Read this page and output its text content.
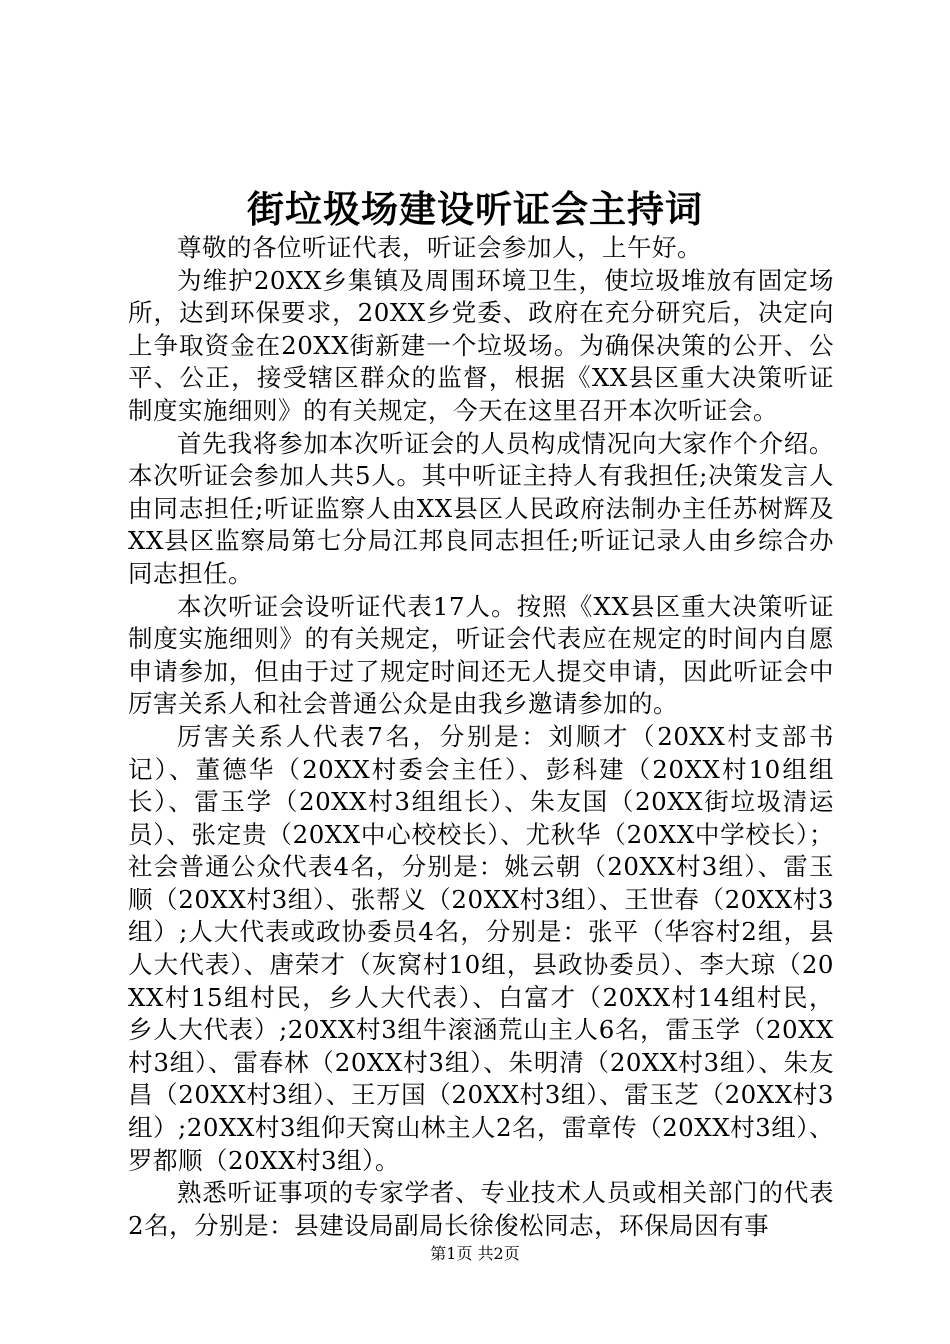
街垃圾场建设听证会主持词

尊敬的各位听证代表，听证会参加人，上午好。

为维护20XX乡集镇及周围环境卫生，使垃圾堆放有固定场所，达到环保要求，20XX乡党委、政府在充分研究后，决定向上争取资金在20XX街新建一个垃圾场。为确保决策的公开、公平、公正，接受辖区群众的监督，根据《XX县区重大决策听证制度实施细则》的有关规定，今天在这里召开本次听证会。

首先我将参加本次听证会的人员构成情况向大家作个介绍。本次听证会参加人共5人。其中听证主持人有我担任;决策发言人由同志担任;听证监察人由XX县区人民政府法制办主任苏树辉及XX县区监察局第七分局江邦良同志担任;听证记录人由乡综合办同志担任。

本次听证会设听证代表17人。按照《XX县区重大决策听证制度实施细则》的有关规定，听证会代表应在规定的时间内自愿申请参加，但由于过了规定时间还无人提交申请，因此听证会中厉害关系人和社会普通公众是由我乡邀请参加的。

厉害关系人代表7名，分别是：刘顺才（20XX村支部书记）、董德华（20XX村委会主任）、彭科建（20XX村10组组长）、雷玉学（20XX村3组组长）、朱友国（20XX街垃圾清运员）、张定贵（20XX中心校校长）、尤秋华（20XX中学校长）；社会普通公众代表4名，分别是：姚云朝（20XX村3组）、雷玉顺（20XX村3组）、张帮义（20XX村3组）、王世春（20XX村3组）;人大代表或政协委员4名，分别是：张平（华容村2组，县人大代表）、唐荣才（灰窝村10组，县政协委员）、李大琼（20XX村15组村民，乡人大代表）、白富才（20XX村14组村民，乡人大代表）;20XX村3组牛滚涵荒山主人6名，雷玉学（20XX村3组）、雷春林（20XX村3组）、朱明清（20XX村3组）、朱友昌（20XX村3组）、王万国（20XX村3组）、雷玉芝（20XX村3组）;20XX村3组仰天窝山林主人2名，雷章传（20XX村3组）、罗都顺（20XX村3组）。

熟悉听证事项的专家学者、专业技术人员或相关部门的代表2名，分别是：县建设局副局长徐俊松同志，环保局因有事

第1页 共2页
